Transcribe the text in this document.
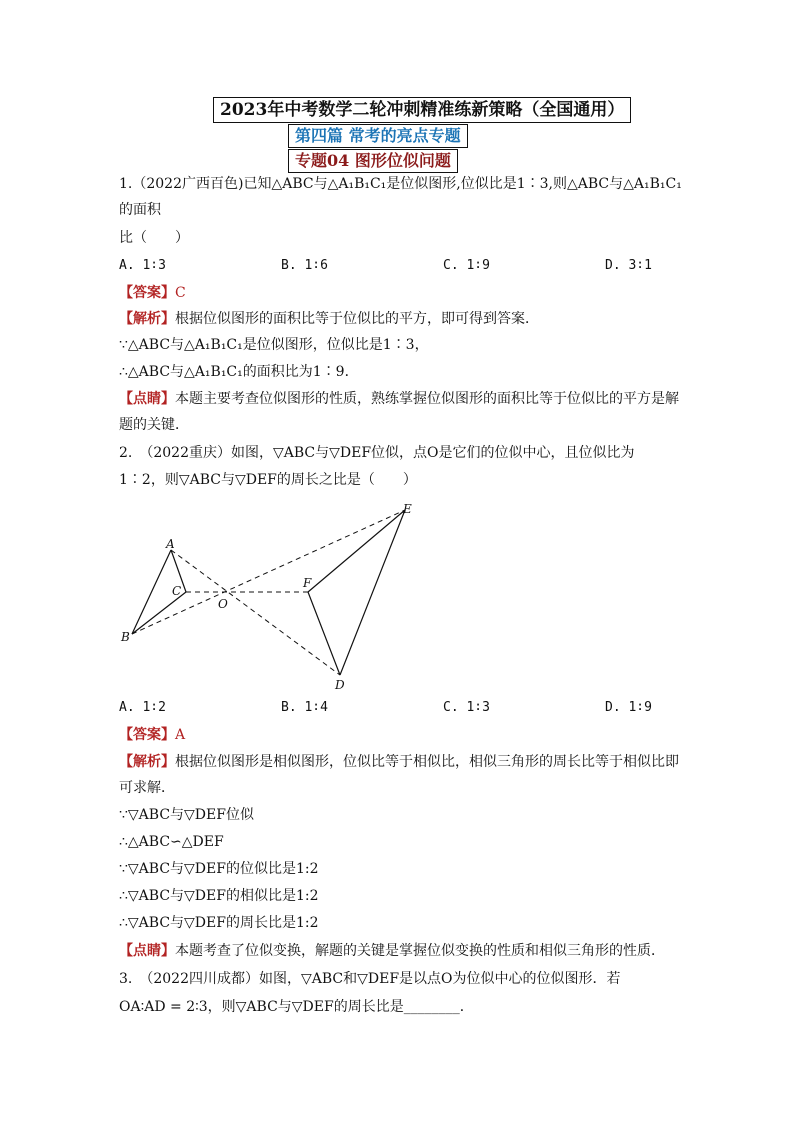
2023年中考数学二轮冲刺精准练新策略（全国通用）
第四篇 常考的亮点专题
专题04 图形位似问题
1.（2022广西百色)已知△ABC与△A₁B₁C₁是位似图形,位似比是1∶3,则△ABC与△A₁B₁C₁
的面积
比（　　）
A. 1∶3	B. 1∶6	C. 1∶9	D. 3∶1
【答案】C
【解析】根据位似图形的面积比等于位似比的平方，即可得到答案．
∵△ABC与△A₁B₁C₁是位似图形，位似比是1∶3，
∴△ABC与△A₁B₁C₁的面积比为1∶9．
【点睛】本题主要考查位似图形的性质，熟练掌握位似图形的面积比等于位似比的平方是解
题的关键．
2.　（2022重庆）如图，▽ABC与▽DEF位似，点O是它们的位似中心，且位似比为
1∶2，则▽ABC与▽DEF的周长之比是（　　）
A
B
C
O
D
E
F
A. 1∶2	B. 1∶4	C. 1∶3	D. 1∶9
【答案】A
【解析】根据位似图形是相似图形，位似比等于相似比，相似三角形的周长比等于相似比即
可求解．
∵▽ABC与▽DEF位似
∴△ABC∽△DEF
∵▽ABC与▽DEF的位似比是1:2
∴▽ABC与▽DEF的相似比是1:2
∴▽ABC与▽DEF的周长比是1:2
【点睛】本题考查了位似变换，解题的关键是掌握位似变换的性质和相似三角形的性质．
3.　（2022四川成都）如图，▽ABC和▽DEF是以点O为位似中心的位似图形．若
OA∶AD = 2∶3，则▽ABC与▽DEF的周长比是________．
